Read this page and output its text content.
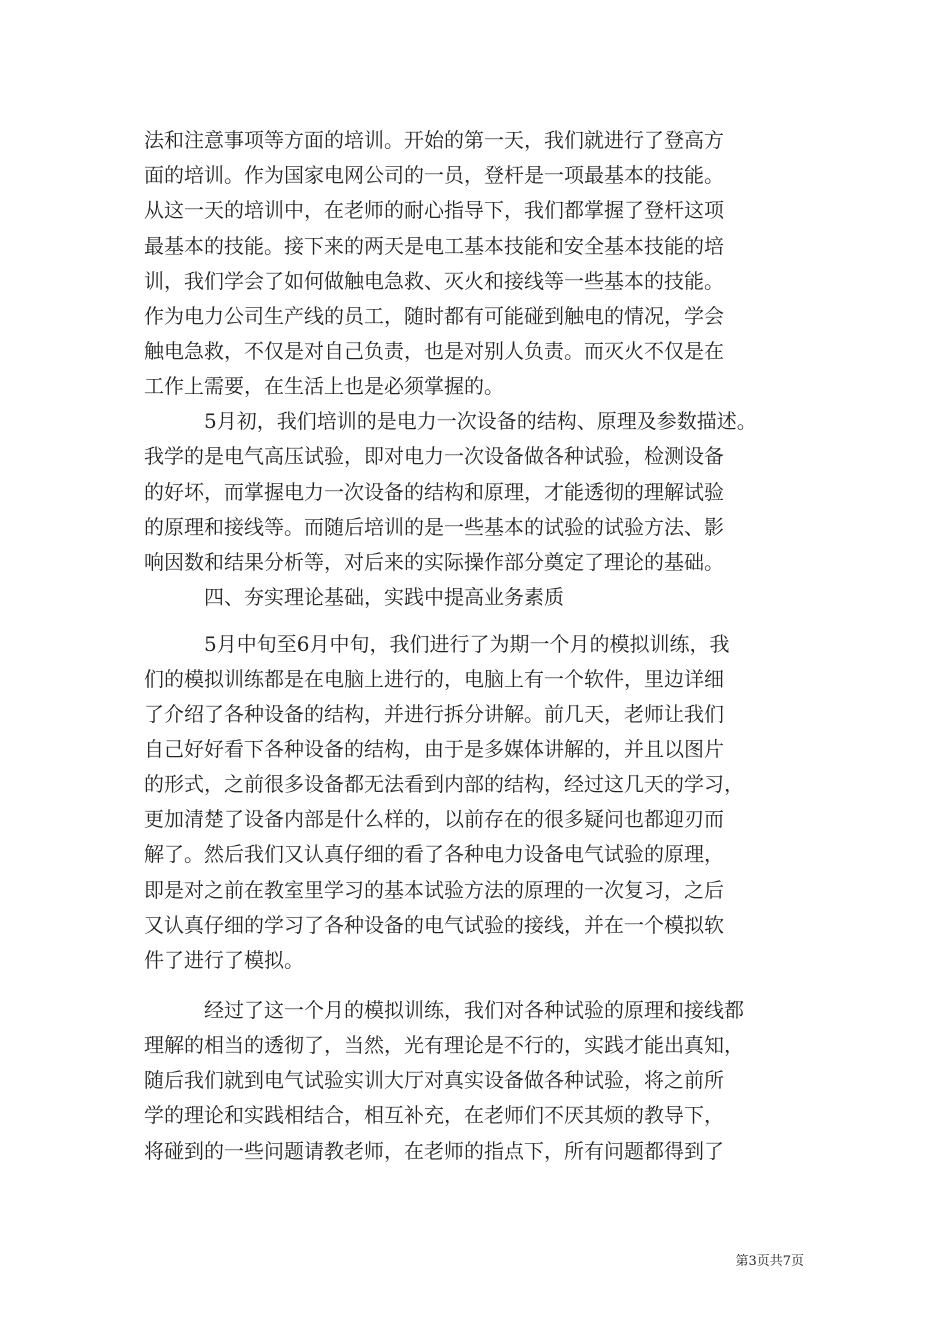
法和注意事项等方面的培训。开始的第一天，我们就进行了登高方
面的培训。作为国家电网公司的一员，登杆是一项最基本的技能。
从这一天的培训中，在老师的耐心指导下，我们都掌握了登杆这项
最基本的技能。接下来的两天是电工基本技能和安全基本技能的培
训，我们学会了如何做触电急救、灭火和接线等一些基本的技能。
作为电力公司生产线的员工，随时都有可能碰到触电的情况，学会
触电急救，不仅是对自己负责，也是对别人负责。而灭火不仅是在
工作上需要，在生活上也是必须掌握的。
5月初，我们培训的是电力一次设备的结构、原理及参数描述。
我学的是电气高压试验，即对电力一次设备做各种试验，检测设备
的好坏，而掌握电力一次设备的结构和原理，才能透彻的理解试验
的原理和接线等。而随后培训的是一些基本的试验的试验方法、影
响因数和结果分析等，对后来的实际操作部分奠定了理论的基础。
四、夯实理论基础，实践中提高业务素质
5月中旬至6月中旬，我们进行了为期一个月的模拟训练，我
们的模拟训练都是在电脑上进行的，电脑上有一个软件，里边详细
了介绍了各种设备的结构，并进行拆分讲解。前几天，老师让我们
自己好好看下各种设备的结构，由于是多媒体讲解的，并且以图片
的形式，之前很多设备都无法看到内部的结构，经过这几天的学习，
更加清楚了设备内部是什么样的，以前存在的很多疑问也都迎刃而
解了。然后我们又认真仔细的看了各种电力设备电气试验的原理，
即是对之前在教室里学习的基本试验方法的原理的一次复习，之后
又认真仔细的学习了各种设备的电气试验的接线，并在一个模拟软
件了进行了模拟。
经过了这一个月的模拟训练，我们对各种试验的原理和接线都
理解的相当的透彻了，当然，光有理论是不行的，实践才能出真知，
随后我们就到电气试验实训大厅对真实设备做各种试验，将之前所
学的理论和实践相结合，相互补充，在老师们不厌其烦的教导下，
将碰到的一些问题请教老师，在老师的指点下，所有问题都得到了
第3页共7页
